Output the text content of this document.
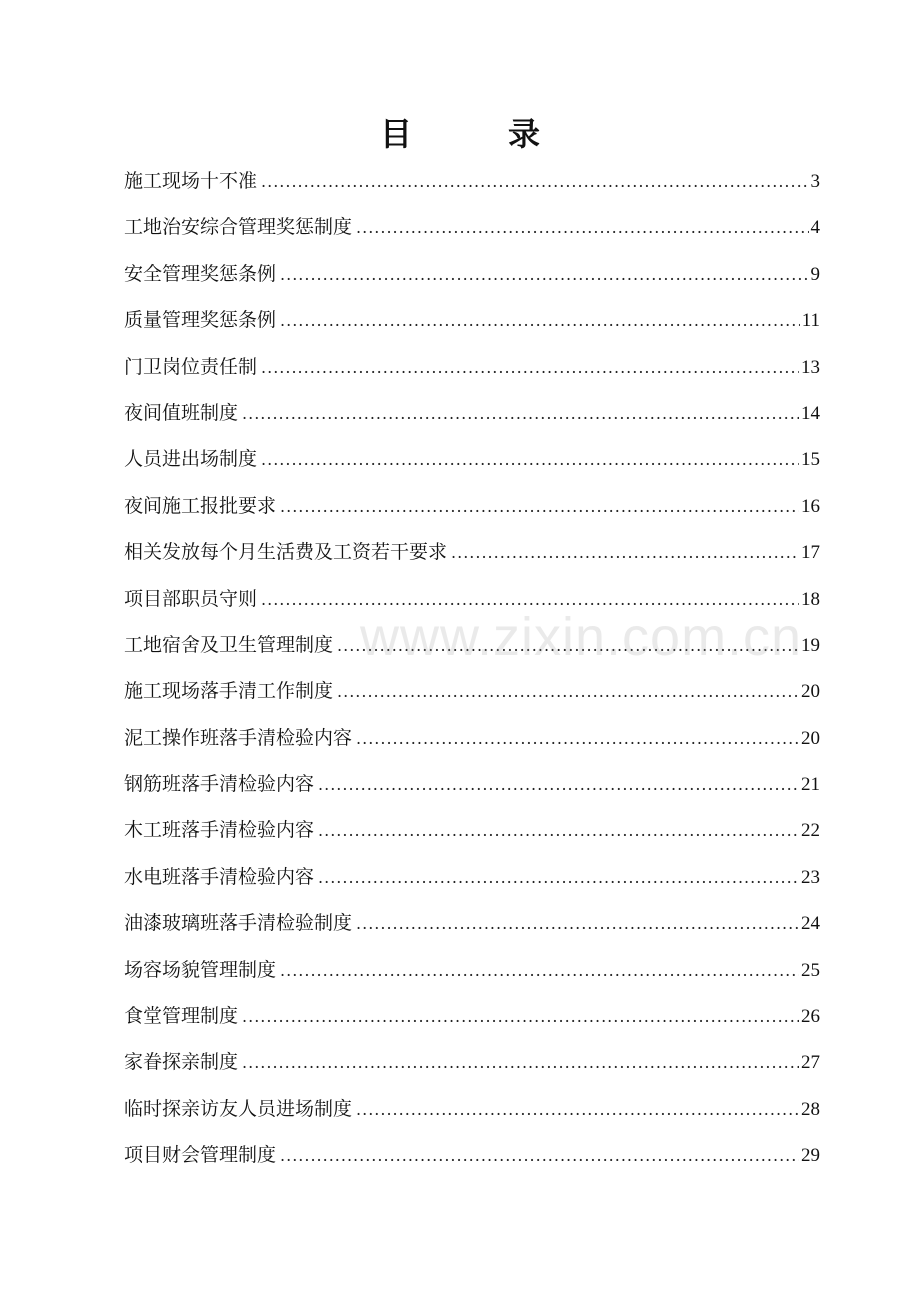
目　录
施工现场十不准 .....	3
工地治安综合管理奖惩制度 .....	4
安全管理奖惩条例 .....	9
质量管理奖惩条例 .....	11
门卫岗位责任制 .....	13
夜间值班制度 .....	14
人员进出场制度 .....	15
夜间施工报批要求 .....	16
相关发放每个月生活费及工资若干要求 .....	17
项目部职员守则 .....	18
工地宿舍及卫生管理制度 .....	19
施工现场落手清工作制度 .....	20
泥工操作班落手清检验内容 .....	20
钢筋班落手清检验内容 .....	21
木工班落手清检验内容 .....	22
水电班落手清检验内容 .....	23
油漆玻璃班落手清检验制度 .....	24
场容场貌管理制度 .....	25
食堂管理制度 .....	26
家眷探亲制度 .....	27
临时探亲访友人员进场制度 .....	28
项目财会管理制度 .....	29
www.zixin.com.cn
